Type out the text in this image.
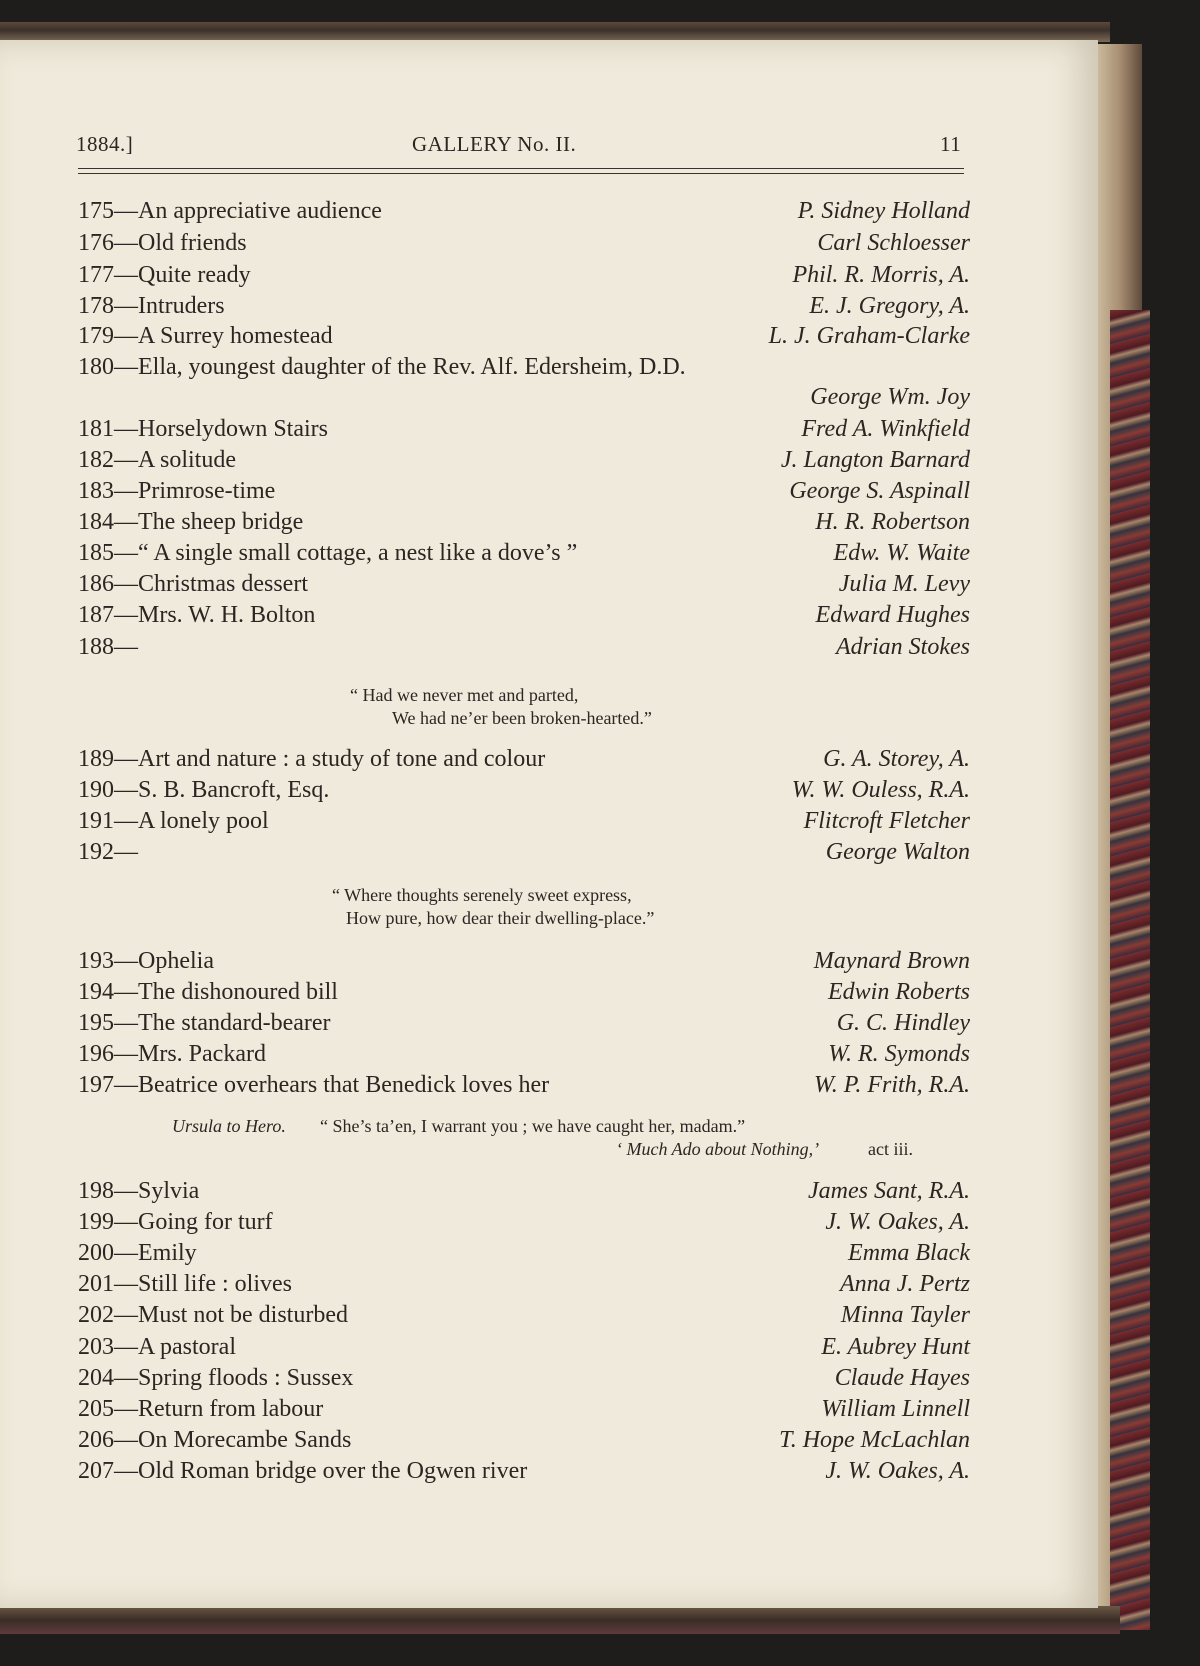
1884.]	GALLERY No. II.	11
175—An appreciative audience	P. Sidney Holland
176—Old friends	Carl Schloesser
177—Quite ready	Phil. R. Morris, A.
178—Intruders	E. J. Gregory, A.
179—A Surrey homestead	L. J. Graham-Clarke
180—Ella, youngest daughter of the Rev. Alf. Edersheim, D.D.
George Wm. Joy
181—Horselydown Stairs	Fred A. Winkfield
182—A solitude	J. Langton Barnard
183—Primrose-time	George S. Aspinall
184—The sheep bridge	H. R. Robertson
185—“ A single small cottage, a nest like a dove’s ”	Edw. W. Waite
186—Christmas dessert	Julia M. Levy
187—Mrs. W. H. Bolton	Edward Hughes
188—	Adrian Stokes
“ Had we never met and parted,
We had ne’er been broken-hearted.”
189—Art and nature : a study of tone and colour	G. A. Storey, A.
190—S. B. Bancroft, Esq.	W. W. Ouless, R.A.
191—A lonely pool	Flitcroft Fletcher
192—	George Walton
“ Where thoughts serenely sweet express,
How pure, how dear their dwelling-place.”
193—Ophelia	Maynard Brown
194—The dishonoured bill	Edwin Roberts
195—The standard-bearer	G. C. Hindley
196—Mrs. Packard	W. R. Symonds
197—Beatrice overhears that Benedick loves her	W. P. Frith, R.A.
Ursula to Hero. “ She’s ta’en, I warrant you ; we have caught her, madam.”
‘ Much Ado about Nothing,’	act iii.
198—Sylvia	James Sant, R.A.
199—Going for turf	J. W. Oakes, A.
200—Emily	Emma Black
201—Still life : olives	Anna J. Pertz
202—Must not be disturbed	Minna Tayler
203—A pastoral	E. Aubrey Hunt
204—Spring floods : Sussex	Claude Hayes
205—Return from labour	William Linnell
206—On Morecambe Sands	T. Hope McLachlan
207—Old Roman bridge over the Ogwen river	J. W. Oakes, A.
